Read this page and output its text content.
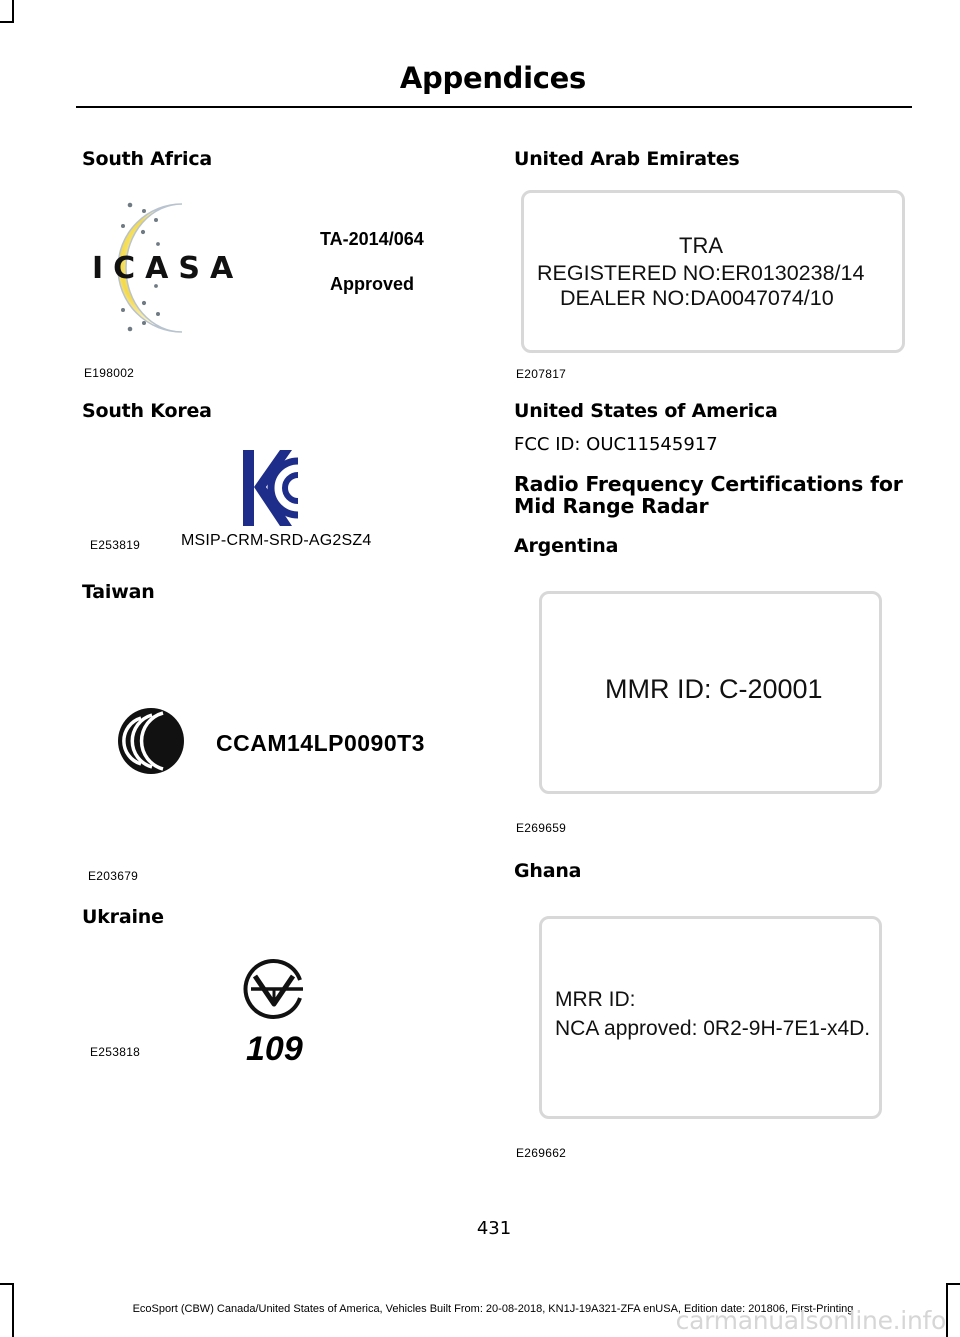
Appendices
South Africa
ICASA
TA-2014/064
Approved
E198002
South Korea
MSIP-CRM-SRD-AG2SZ4
E253819
Taiwan
CCAM14LP0090T3
E203679
Ukraine
109
E253818
United Arab Emirates
TRA
REGISTERED NO:ER0130238/14
DEALER NO:DA0047074/10
E207817
United States of America
FCC ID: OUC11545917
Radio Frequency Certifications for Mid Range Radar
Argentina
MMR ID: C-20001
E269659
Ghana
MRR ID:
NCA approved: 0R2-9H-7E1-x4D.
E269662
431
EcoSport (CBW) Canada/United States of America, Vehicles Built From: 20-08-2018, KN1J-19A321-ZFA enUSA, Edition date: 201806, First-Printing
carmanualsonline.info
